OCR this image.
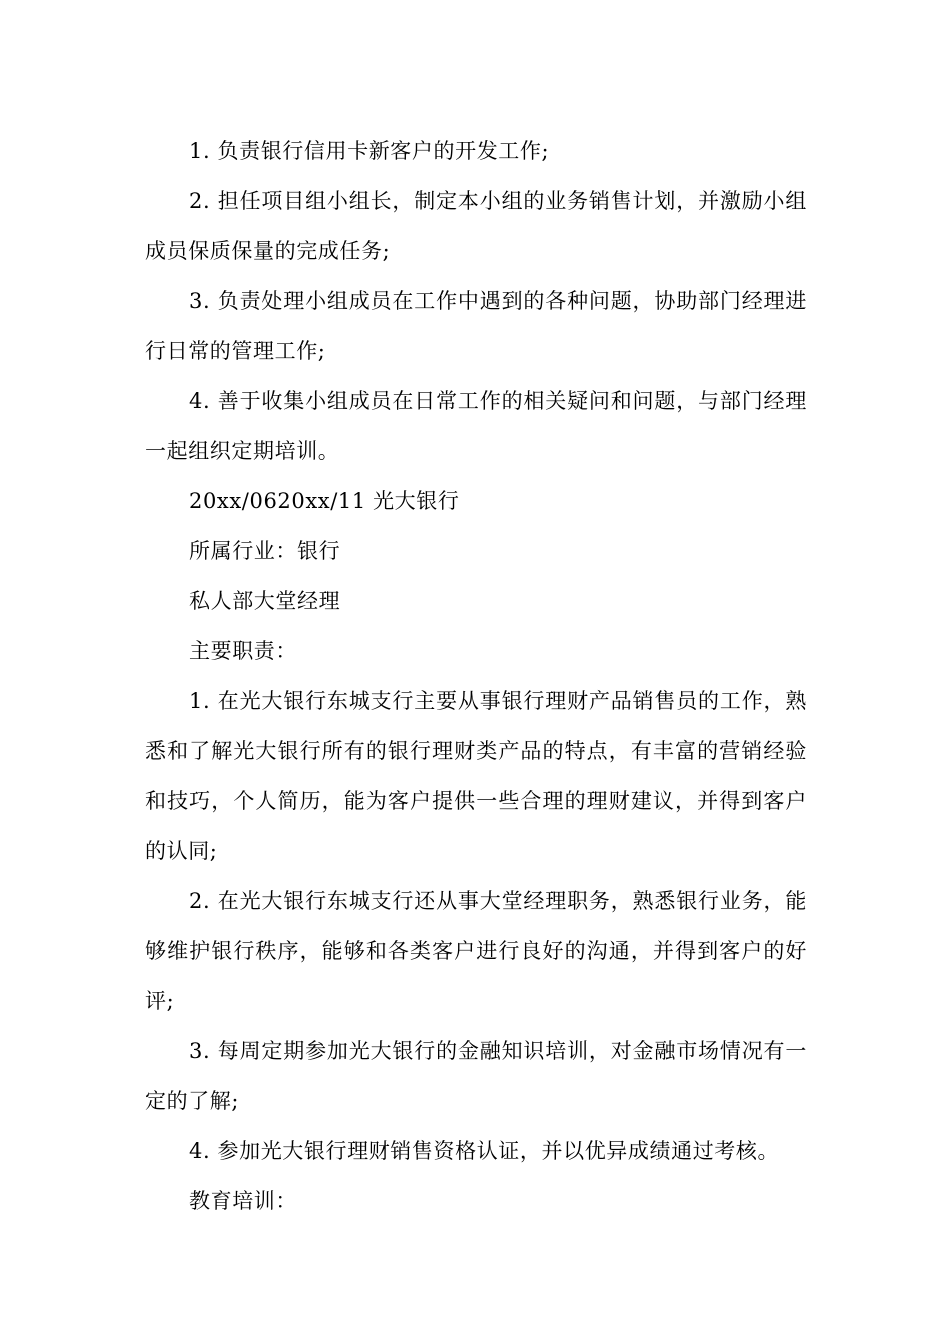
1. 负责银行信用卡新客户的开发工作;

2. 担任项目组小组长，制定本小组的业务销售计划，并激励小组成员保质保量的完成任务;

3. 负责处理小组成员在工作中遇到的各种问题，协助部门经理进行日常的管理工作;

4. 善于收集小组成员在日常工作的相关疑问和问题，与部门经理一起组织定期培训。

20xx/0620xx/11 光大银行

所属行业：银行

私人部大堂经理

主要职责：

1. 在光大银行东城支行主要从事银行理财产品销售员的工作，熟悉和了解光大银行所有的银行理财类产品的特点，有丰富的营销经验和技巧，个人简历，能为客户提供一些合理的理财建议，并得到客户的认同;

2. 在光大银行东城支行还从事大堂经理职务，熟悉银行业务，能够维护银行秩序，能够和各类客户进行良好的沟通，并得到客户的好评;

3. 每周定期参加光大银行的金融知识培训，对金融市场情况有一定的了解;

4. 参加光大银行理财销售资格认证，并以优异成绩通过考核。

教育培训：
